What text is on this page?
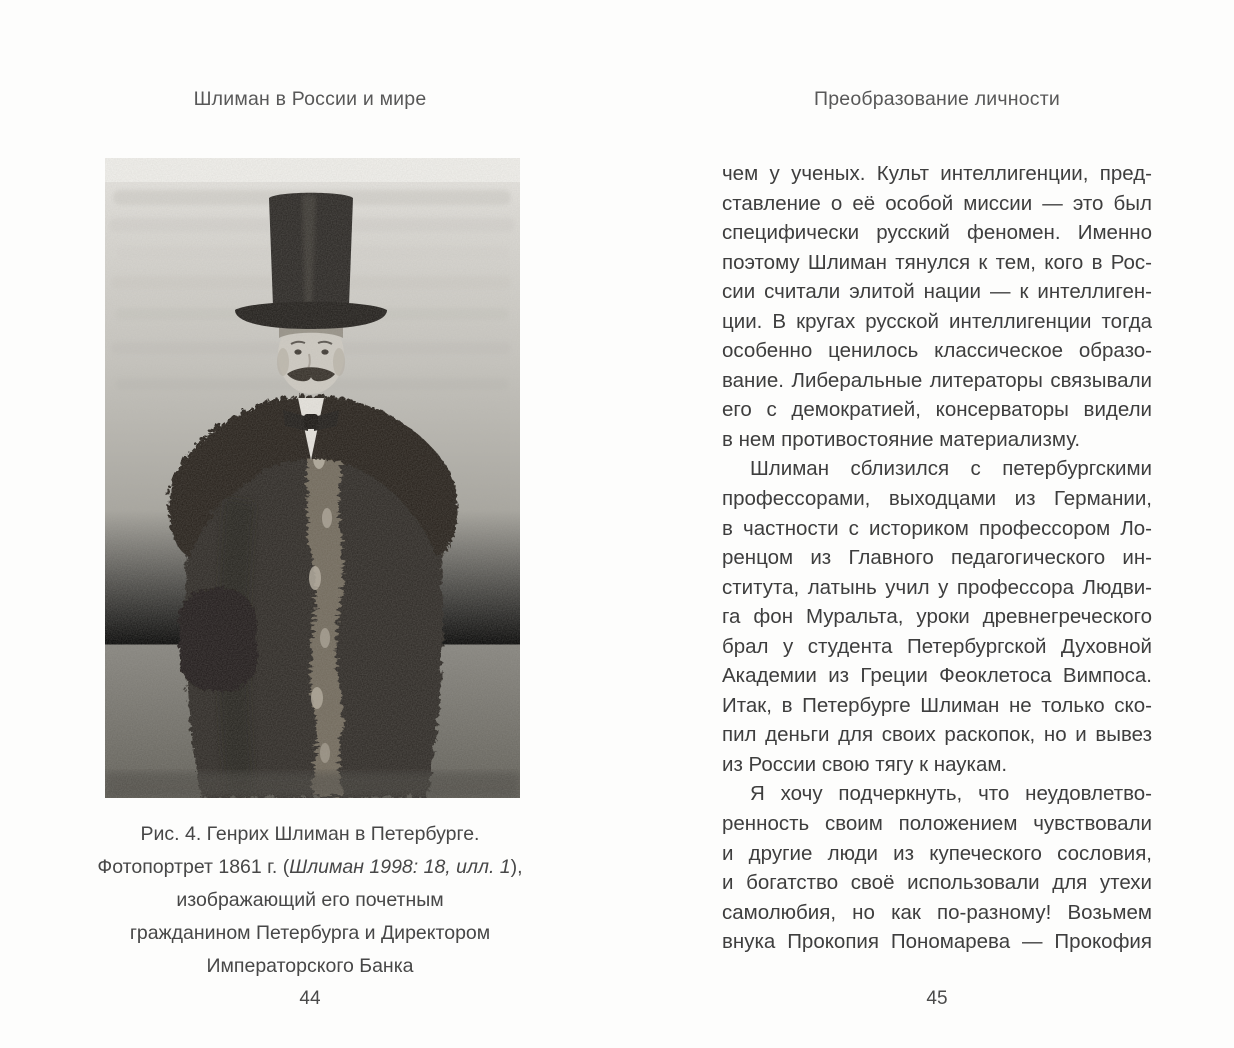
Шлиман в России и мире	Преобразование личности
Рис. 4. Генрих Шлиман в Петербурге.
Фотопортрет 1861 г. (Шлиман 1998: 18, илл. 1),
изображающий его почетным
гражданином Петербурга и Директором
Императорского Банка
чем у ученых. Культ интеллигенции, пред-
ставление о её особой миссии — это был
специфически русский феномен. Именно
поэтому Шлиман тянулся к тем, кого в Рос-
сии считали элитой нации — к интеллиген-
ции. В кругах русской интеллигенции тогда
особенно ценилось классическое образо-
вание. Либеральные литераторы связывали
его с демократией, консерваторы видели
в нем противостояние материализму.
Шлиман сблизился с петербургскими
профессорами, выходцами из Германии,
в частности с историком профессором Ло-
ренцом из Главного педагогического ин-
ститута, латынь учил у профессора Людви-
га фон Муральта, уроки древнегреческого
брал у студента Петербургской Духовной
Академии из Греции Феоклетоса Вимпоса.
Итак, в Петербурге Шлиман не только ско-
пил деньги для своих раскопок, но и вывез
из России свою тягу к наукам.
Я хочу подчеркнуть, что неудовлетво-
ренность своим положением чувствовали
и другие люди из купеческого сословия,
и богатство своё использовали для утехи
самолюбия, но как по-разному! Возьмем
внука Прокопия Пономарева — Прокофия
44	45
